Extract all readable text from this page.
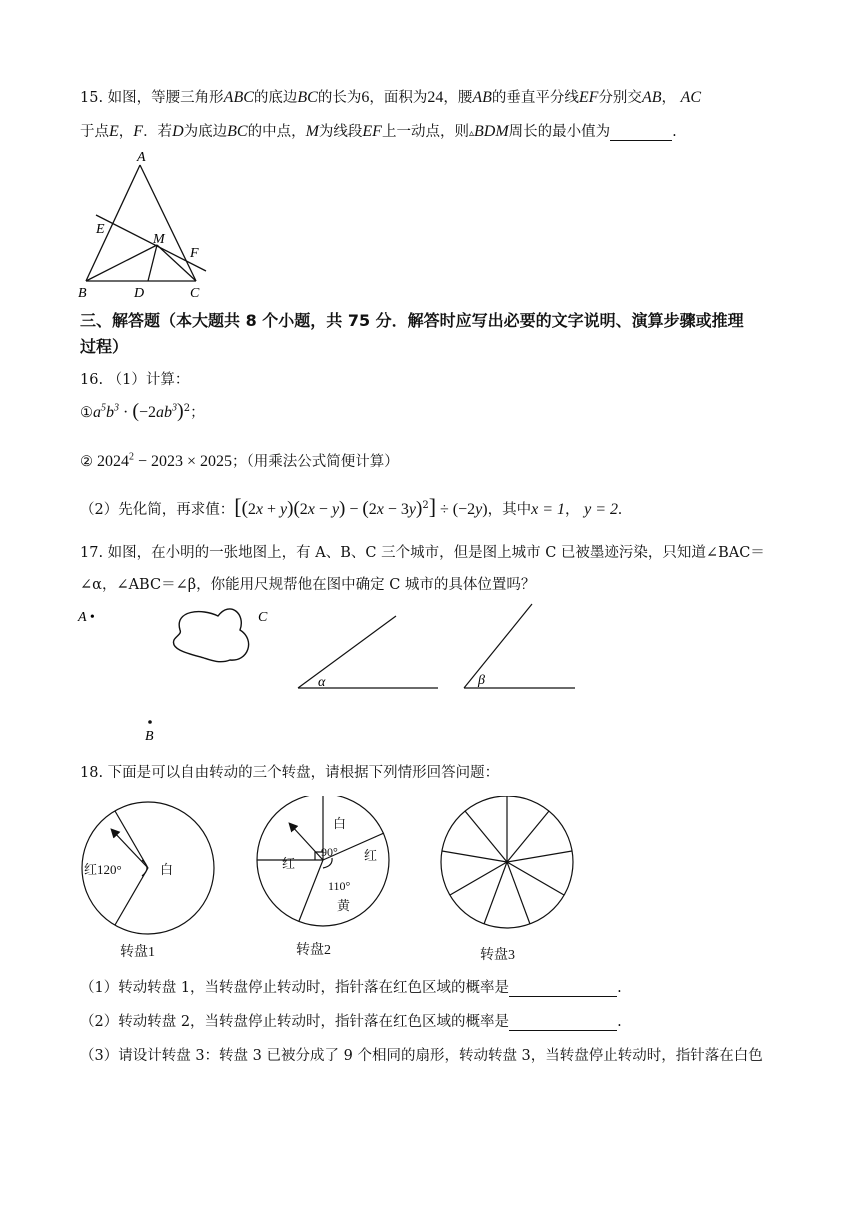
15. 如图，等腰三角形ABC的底边BC的长为6，面积为24，腰AB的垂直平分线EF分别交AB， AC
于点E，F．若D为底边BC的中点，M为线段EF上一动点，则▵BDM周长的最小值为	.
A
E
M
F
B	D	C
三、解答题（本大题共 8 个小题，共 75 分．解答时应写出必要的文字说明、演算步骤或推理
过程）
16. （1）计算：
$①a^5b^3 \cdot (-2ab^3)^2$；
② $2024^2 - 2023 \times 2025$；（用乘法公式简便计算）
（2）先化简，再求值：$[(2x + y)(2x - y) - (2x - 3y)^2] \div (-2y)$，其中x = 1， y = 2.
17. 如图，在小明的一张地图上，有 A、B、C 三个城市，但是图上城市 C 已被墨迹污染，只知道∠BAC＝
∠α，∠ABC＝∠β，你能用尺规帮他在图中确定 C 城市的具体位置吗？
A •	C
B
α	β
18. 下面是可以自由转动的三个转盘，请根据下列情形回答问题：
红120°	白
转盘1
白
红
红
90°
110°
黄
转盘2	转盘3
（1）转动转盘 1，当转盘停止转动时，指针落在红色区域的概率是	.
（2）转动转盘 2，当转盘停止转动时，指针落在红色区域的概率是	.
（3）请设计转盘 3：转盘 3 已被分成了 9 个相同的扇形，转动转盘 3，当转盘停止转动时，指针落在白色
